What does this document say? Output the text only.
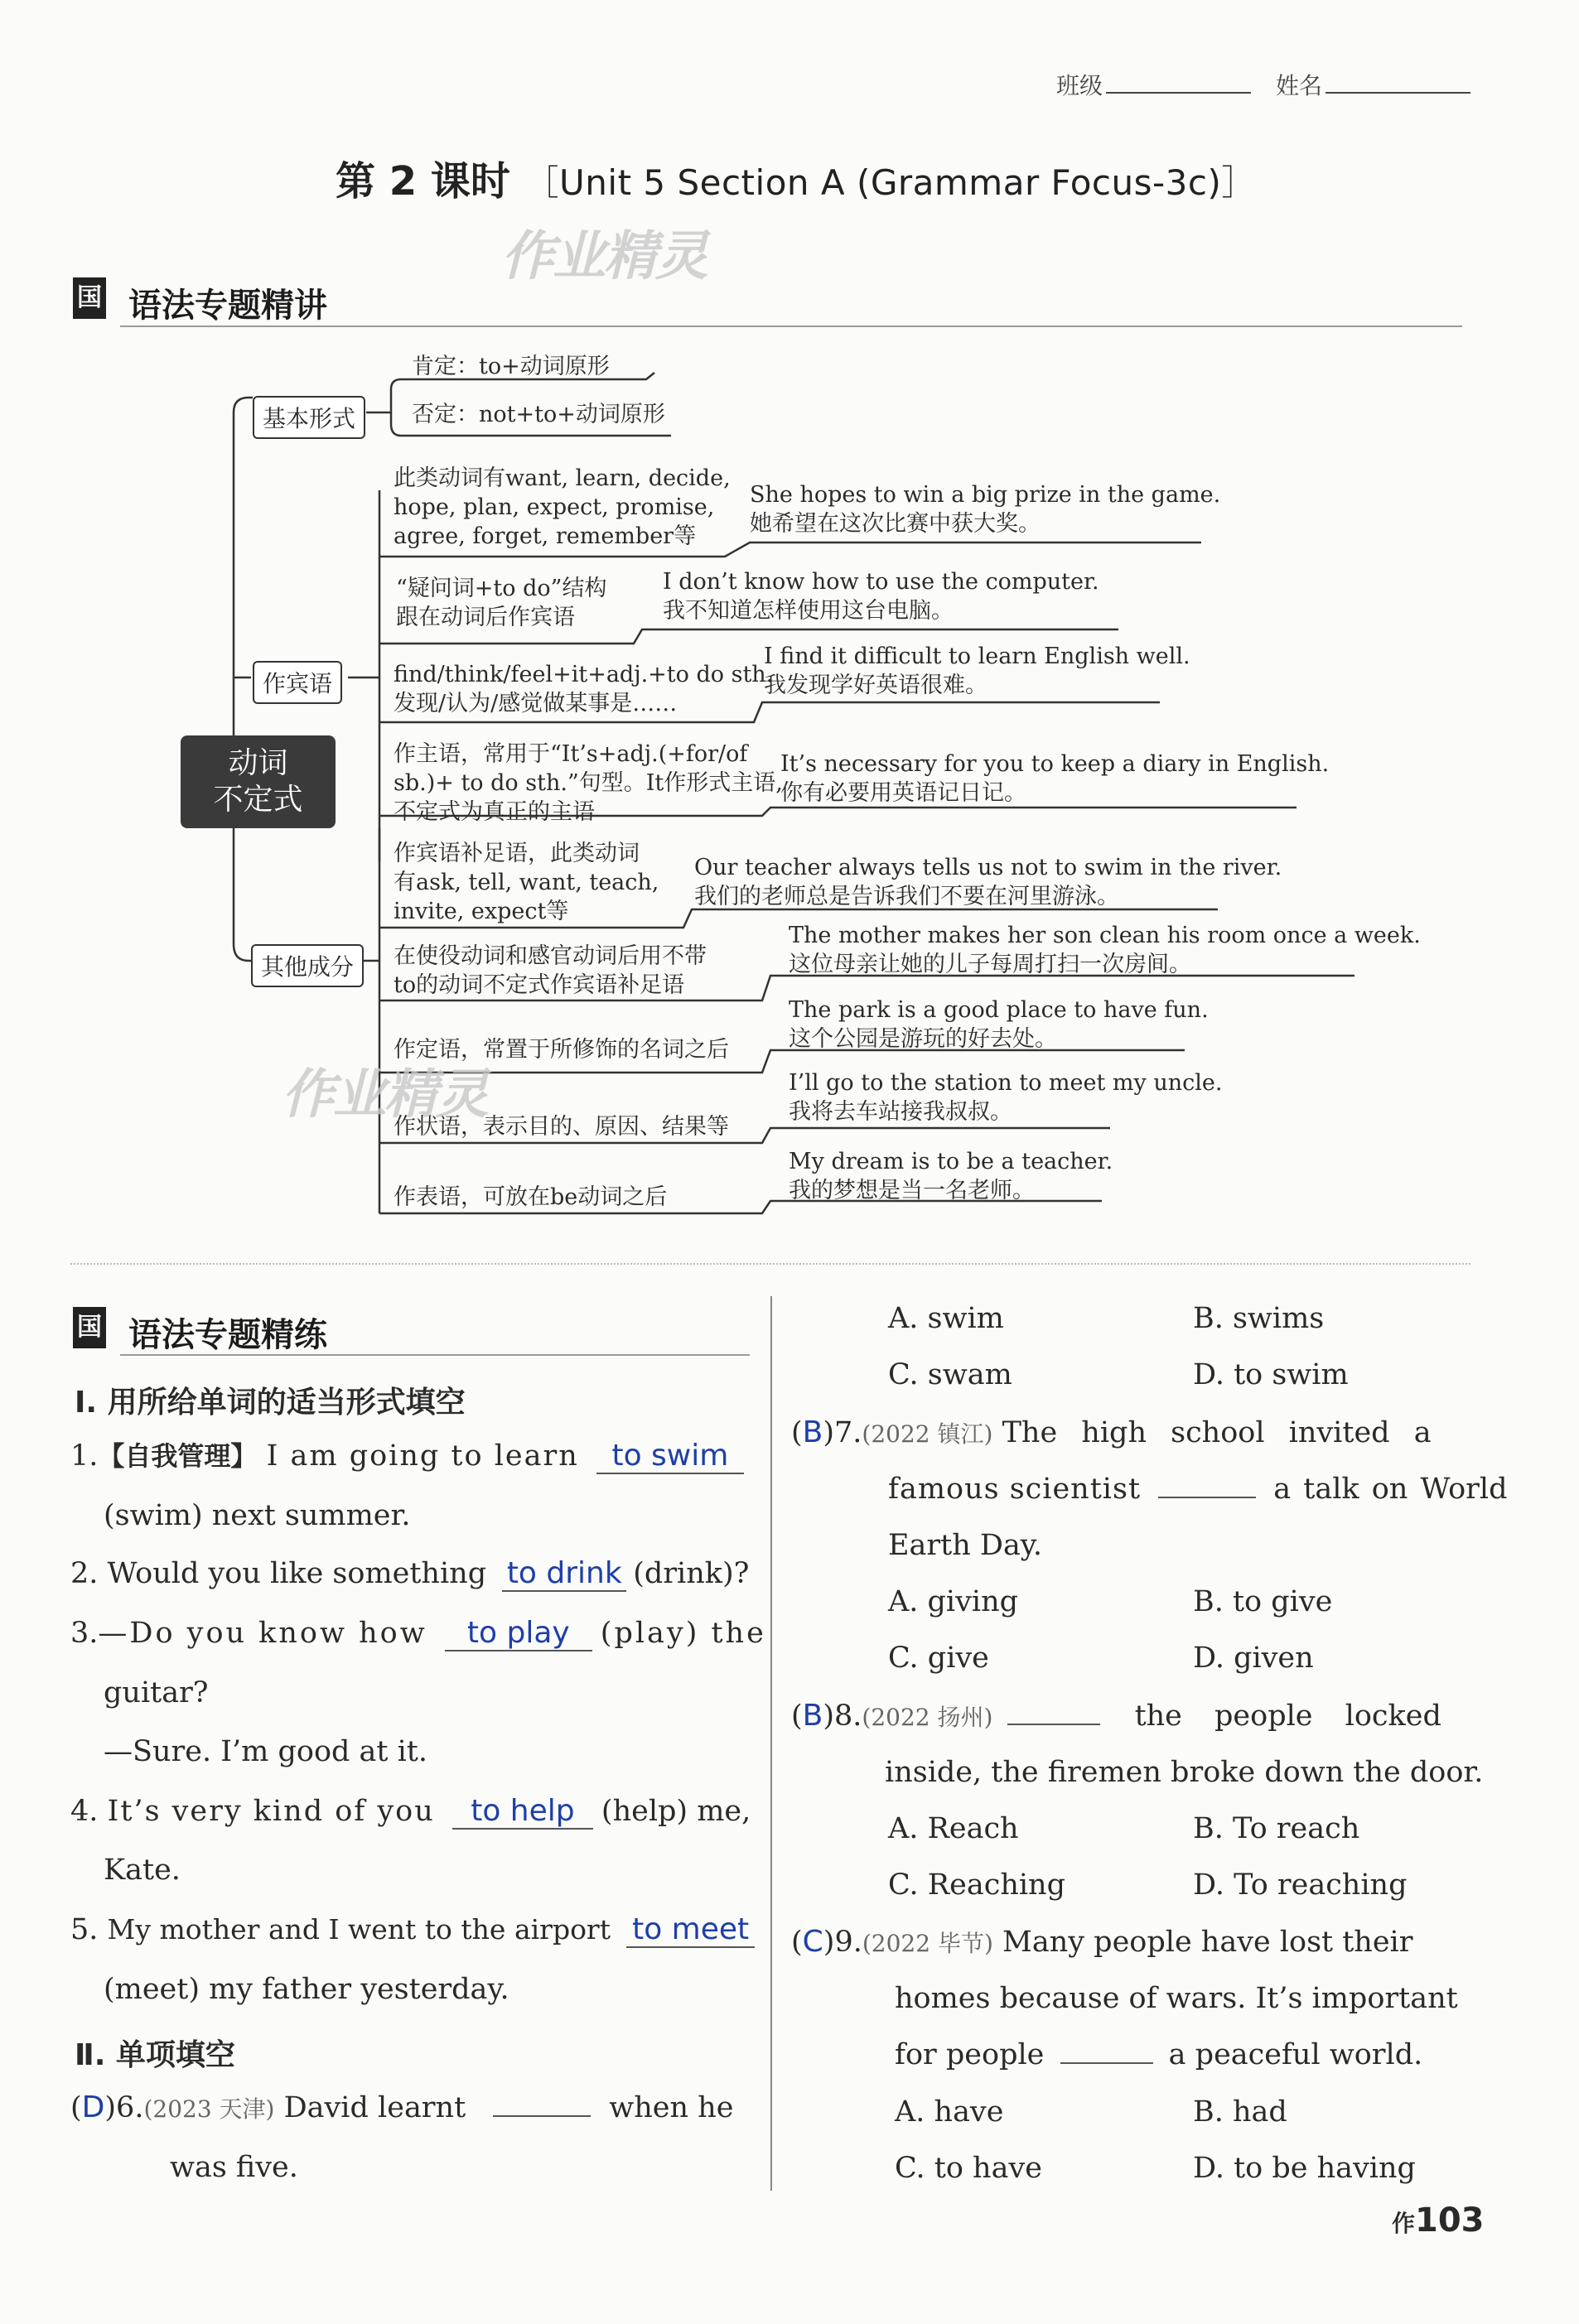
班级	姓名
第 2 课时 ［Unit 5 Section A (Grammar Focus-3c)］
作业精灵
国 语法专题精讲
动词
不定式
基本形式
肯定：to+动词原形
否定：not+to+动词原形
作宾语
此类动词有want, learn, decide,
hope, plan, expect, promise,
agree, forget, remember等
She hopes to win a big prize in the game.
她希望在这次比赛中获大奖。
“疑问词+to do”结构
跟在动词后作宾语
I don’t know how to use the computer.
我不知道怎样使用这台电脑。
find/think/feel+it+adj.+to do sth.
发现/认为/感觉做某事是……
I find it difficult to learn English well.
我发现学好英语很难。
作主语，常用于“It’s+adj.(+for/of
sb.)+ to do sth.”句型。It作形式主语,
不定式为真正的主语
It’s necessary for you to keep a diary in English.
你有必要用英语记日记。
其他成分
作宾语补足语，此类动词
有ask, tell, want, teach,
invite, expect等
Our teacher always tells us not to swim in the river.
我们的老师总是告诉我们不要在河里游泳。
在使役动词和感官动词后用不带
to的动词不定式作宾语补足语
The mother makes her son clean his room once a week.
这位母亲让她的儿子每周打扫一次房间。
作定语，常置于所修饰的名词之后
The park is a good place to have fun.
这个公园是游玩的好去处。
作状语，表示目的、原因、结果等
I’ll go to the station to meet my uncle.
我将去车站接我叔叔。
作表语，可放在be动词之后
My dream is to be a teacher.
我的梦想是当一名老师。
作业精灵
国 语法专题精练
Ⅰ. 用所给单词的适当形式填空
1.【自我管理】 I am going to learn to swim
(swim) next summer.
2. Would you like something to drink (drink)?
3.—Do you know how to play (play) the
guitar?
—Sure. I’m good at it.
4. It’s very kind of you to help (help) me,
Kate.
5. My mother and I went to the airport to meet
(meet) my father yesterday.
Ⅱ. 单项填空
(D)6.(2023 天津) David learnt	when he
was five.
A. swim	B. swims
C. swam	D. to swim
(B)7.(2022 镇江) The high school invited a
famous scientist	a talk on World
Earth Day.
A. giving	B. to give
C. give	D. given
(B)8.(2022 扬州)	the people locked
inside, the firemen broke down the door.
A. Reach	B. To reach
C. Reaching	D. To reaching
(C)9.(2022 毕节) Many people have lost their
homes because of wars. It’s important
for people	a peaceful world.
A. have	B. had
C. to have	D. to be having
作103
